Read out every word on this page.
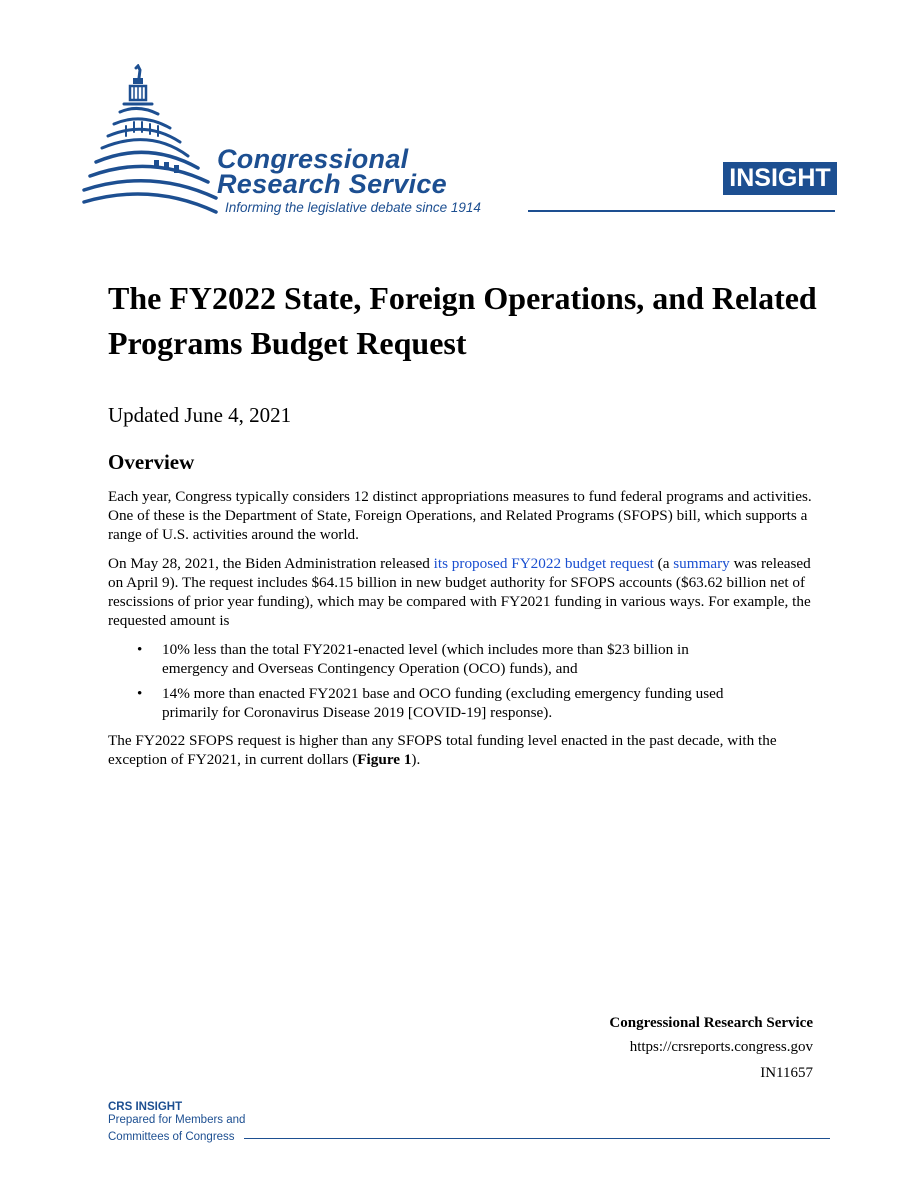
Congressional
Research Service
Informing the legislative debate since 1914
INSIGHT
The FY2022 State, Foreign Operations, and Related Programs Budget Request
Updated June 4, 2021
Overview

Each year, Congress typically considers 12 distinct appropriations measures to fund federal programs and activities. One of these is the Department of State, Foreign Operations, and Related Programs (SFOPS) bill, which supports a range of U.S. activities around the world.

On May 28, 2021, the Biden Administration released its proposed FY2022 budget request (a summary was released on April 9). The request includes $64.15 billion in new budget authority for SFOPS accounts ($63.62 billion net of rescissions of prior year funding), which may be compared with FY2021 funding in various ways. For example, the requested amount is

• 10% less than the total FY2021-enacted level (which includes more than $23 billion in emergency and Overseas Contingency Operation (OCO) funds), and
• 14% more than enacted FY2021 base and OCO funding (excluding emergency funding used primarily for Coronavirus Disease 2019 [COVID-19] response).

The FY2022 SFOPS request is higher than any SFOPS total funding level enacted in the past decade, with the exception of FY2021, in current dollars (Figure 1).

Congressional Research Service
https://crsreports.congress.gov
IN11657
CRS INSIGHT
Prepared for Members and
Committees of Congress
